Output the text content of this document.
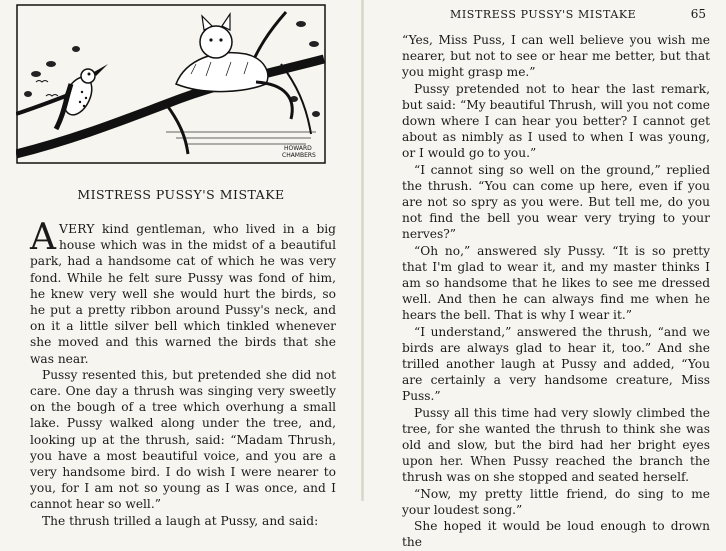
HOWARD
CHAMBERS
MISTRESS PUSSY'S MISTAKE

A VERY kind gentleman, who lived in a big house which was in the midst of a beautiful park, had a handsome cat of which he was very fond. While he felt sure Pussy was fond of him, he knew very well she would hurt the birds, so he put a pretty ribbon around Pussy's neck, and on it a little silver bell which tinkled whenever she moved and this warned the birds that she was near.

Pussy resented this, but pretended she did not care. One day a thrush was singing very sweetly on the bough of a tree which overhung a small lake. Pussy walked along under the tree, and, looking up at the thrush, said: “Madam Thrush, you have a most beautiful voice, and you are a very handsome bird. I do wish I were nearer to you, for I am not so young as I was once, and I cannot hear so well.”

The thrush trilled a laugh at Pussy, and said:

MISTRESS PUSSY'S MISTAKE	65

“Yes, Miss Puss, I can well believe you wish me nearer, but not to see or hear me better, but that you might grasp me.”

Pussy pretended not to hear the last remark, but said: “My beautiful Thrush, will you not come down where I can hear you better? I cannot get about as nimbly as I used to when I was young, or I would go to you.”

“I cannot sing so well on the ground,” replied the thrush. “You can come up here, even if you are not so spry as you were. But tell me, do you not find the bell you wear very trying to your nerves?”

“Oh no,” answered sly Pussy. “It is so pretty that I'm glad to wear it, and my master thinks I am so handsome that he likes to see me dressed well. And then he can always find me when he hears the bell. That is why I wear it.”

“I understand,” answered the thrush, “and we birds are always glad to hear it, too.” And she trilled another laugh at Pussy and added, “You are certainly a very handsome creature, Miss Puss.”

Pussy all this time had very slowly climbed the tree, for she wanted the thrush to think she was old and slow, but the bird had her bright eyes upon her. When Pussy reached the branch the thrush was on she stopped and seated herself.

“Now, my pretty little friend, do sing to me your loudest song.”

She hoped it would be loud enough to drown the
